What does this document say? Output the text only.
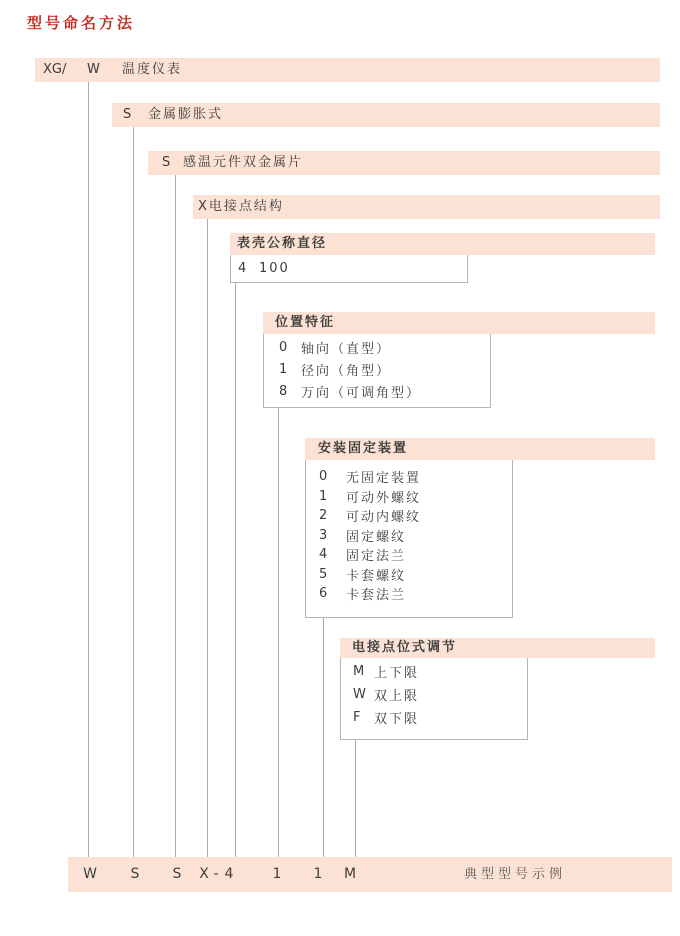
型号命名方法
XG/ W 温度仪表
S 金属膨胀式
S 感温元件双金属片
X电接点结构
表壳公称直径
4 100
位置特征
0	轴向（直型）
1	径向（角型）
8	万向（可调角型）
安装固定装置
0	无固定装置
1	可动外螺纹
2	可动内螺纹
3	固定螺纹
4	固定法兰
5	卡套螺纹
6	卡套法兰
电接点位式调节
M 上下限
W 双上限
F	双下限
W S S X - 4	1 1 M	典型型号示例
